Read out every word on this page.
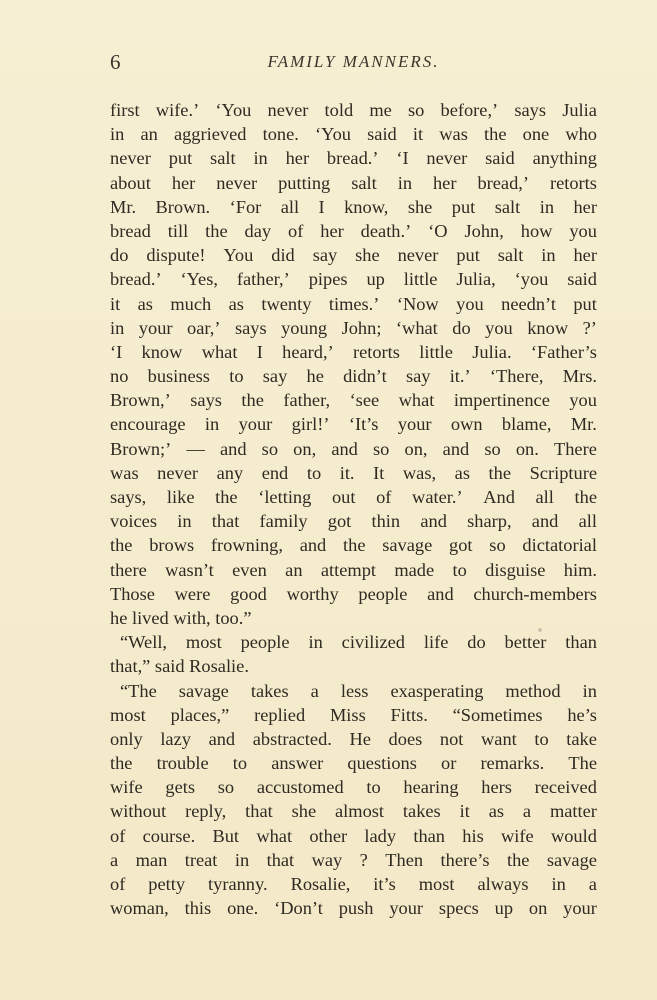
6	FAMILY MANNERS.
first wife.’ ‘You never told me so before,’ says Julia
in an aggrieved tone. ‘You said it was the one who
never put salt in her bread.’ ‘I never said anything
about her never putting salt in her bread,’ retorts
Mr. Brown. ‘For all I know, she put salt in her
bread till the day of her death.’ ‘O John, how you
do dispute! You did say she never put salt in her
bread.’ ‘Yes, father,’ pipes up little Julia, ‘you said
it as much as twenty times.’ ‘Now you needn’t put
in your oar,’ says young John; ‘what do you know ?’
‘I know what I heard,’ retorts little Julia. ‘Father’s
no business to say he didn’t say it.’ ‘There, Mrs.
Brown,’ says the father, ‘see what impertinence you
encourage in your girl!’ ‘It’s your own blame, Mr.
Brown;’ — and so on, and so on, and so on. There
was never any end to it. It was, as the Scripture
says, like the ‘letting out of water.’ And all the
voices in that family got thin and sharp, and all
the brows frowning, and the savage got so dictatorial
there wasn’t even an attempt made to disguise him.
Those were good worthy people and church-members
he lived with, too.”
“Well, most people in civilized life do better than
that,” said Rosalie.
“The savage takes a less exasperating method in
most places,” replied Miss Fitts. “Sometimes he’s
only lazy and abstracted. He does not want to take
the trouble to answer questions or remarks. The
wife gets so accustomed to hearing hers received
without reply, that she almost takes it as a matter
of course. But what other lady than his wife would
a man treat in that way ? Then there’s the savage
of petty tyranny. Rosalie, it’s most always in a
woman, this one. ‘Don’t push your specs up on your
